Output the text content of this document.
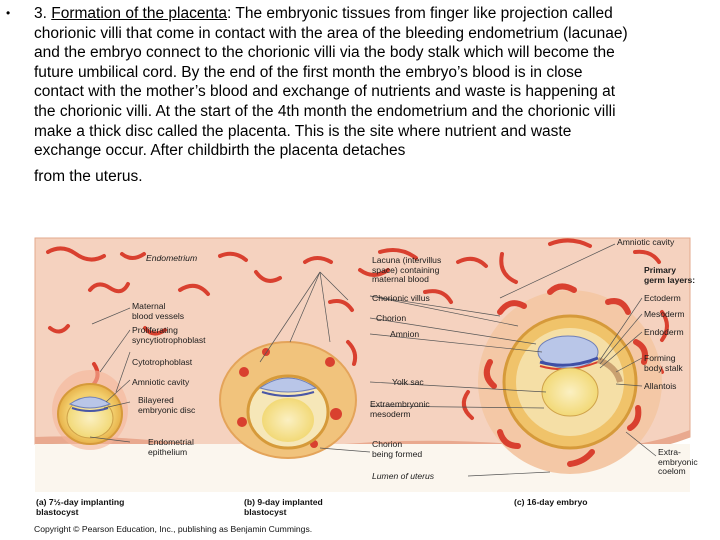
• 3. Formation of the placenta: The embryonic tissues from finger like projection called chorionic villi that come in contact with the area of the bleeding endometrium (lacunae) and the embryo connect to the chorionic villi via the body stalk which will become the future umbilical cord. By the end of the first month the embryo’s blood is in close contact with the mother’s blood and exchange of nutrients and waste is happening at the chorionic villi. At the start of the 4th month the endometrium and the chorionic villi make a thick disc called the placenta. This is the site where nutrient and waste exchange occur. After childbirth the placenta detaches
from the uterus.
Endometrium
Maternal
blood vessels
Proliferating
syncytiotrophoblast
Cytotrophoblast
Amniotic cavity
Bilayered
embryonic disc
Endometrial
epithelium
Lacuna (intervillus
space) containing
maternal blood
Chorionic villus
Chorion
Amnion
Yolk sac
Extraembryonic
mesoderm
Chorion
being formed
Lumen of uterus
Amniotic cavity
Primary
germ layers:
Ectoderm
Mesoderm
Endoderm
Forming
body stalk
Allantois
Extra-
embryonic
coelom
(a) 7½-day implanting
blastocyst
(b) 9-day implanted
blastocyst
(c) 16-day embryo
Copyright © Pearson Education, Inc., publishing as Benjamin Cummings.
